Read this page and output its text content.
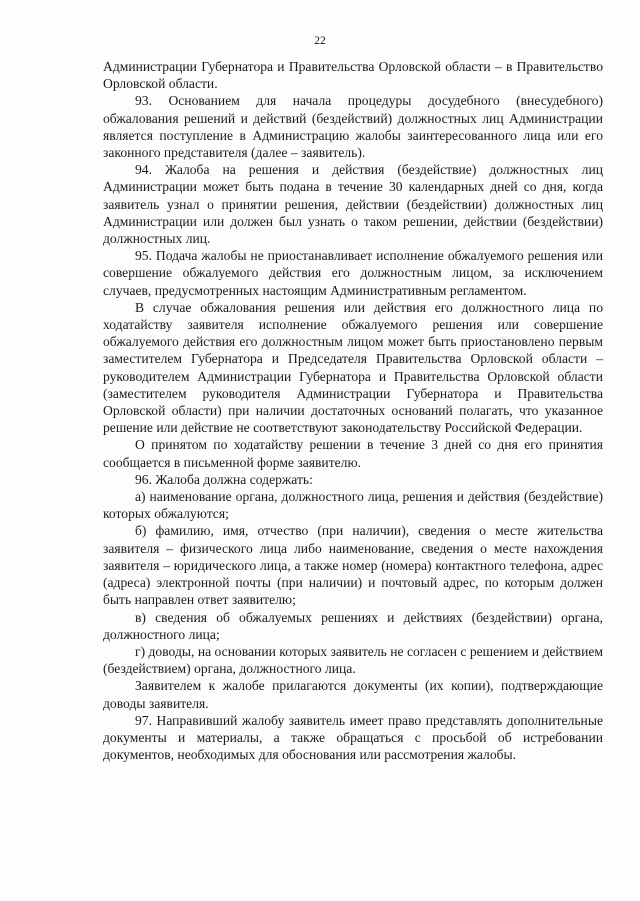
22

Администрации Губернатора и Правительства Орловской области – в Правительство Орловской области.

93. Основанием для начала процедуры досудебного (внесудебного) обжалования решений и действий (бездействий) должностных лиц Администрации является поступление в Администрацию жалобы заинтересованного лица или его законного представителя (далее – заявитель).

94. Жалоба на решения и действия (бездействие) должностных лиц Администрации может быть подана в течение 30 календарных дней со дня, когда заявитель узнал о принятии решения, действии (бездействии) должностных лиц Администрации или должен был узнать о таком решении, действии (бездействии) должностных лиц.

95. Подача жалобы не приостанавливает исполнение обжалуемого решения или совершение обжалуемого действия его должностным лицом, за исключением случаев, предусмотренных настоящим Административным регламентом.

В случае обжалования решения или действия его должностного лица по ходатайству заявителя исполнение обжалуемого решения или совершение обжалуемого действия его должностным лицом может быть приостановлено первым заместителем Губернатора и Председателя Правительства Орловской области – руководителем Администрации Губернатора и Правительства Орловской области (заместителем руководителя Администрации Губернатора и Правительства Орловской области) при наличии достаточных оснований полагать, что указанное решение или действие не соответствуют законодательству Российской Федерации.

О принятом по ходатайству решении в течение 3 дней со дня его принятия сообщается в письменной форме заявителю.

96. Жалоба должна содержать:

а) наименование органа, должностного лица, решения и действия (бездействие) которых обжалуются;

б) фамилию, имя, отчество (при наличии), сведения о месте жительства заявителя – физического лица либо наименование, сведения о месте нахождения заявителя – юридического лица, а также номер (номера) контактного телефона, адрес (адреса) электронной почты (при наличии) и почтовый адрес, по которым должен быть направлен ответ заявителю;

в) сведения об обжалуемых решениях и действиях (бездействии) органа, должностного лица;

г) доводы, на основании которых заявитель не согласен с решением и действием (бездействием) органа, должностного лица.

Заявителем к жалобе прилагаются документы (их копии), подтверждающие доводы заявителя.

97. Направивший жалобу заявитель имеет право представлять дополнительные документы и материалы, а также обращаться с просьбой об истребовании документов, необходимых для обоснования или рассмотрения жалобы.
